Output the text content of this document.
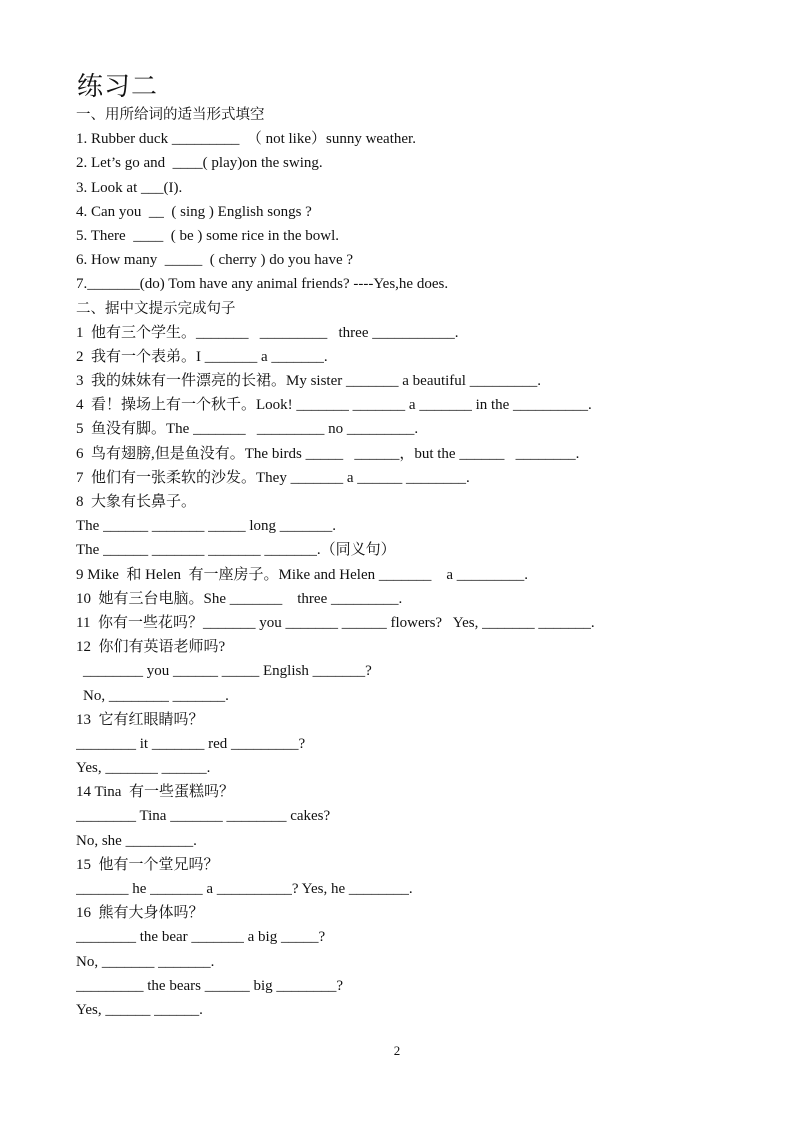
练习二
一、用所给词的适当形式填空
1. Rubber duck _________  （ not like）sunny weather.
2. Let’s go and  ____( play)on the swing.
3. Look at ___(I).
4. Can you  __  ( sing ) English songs ?
5. There  ____  ( be ) some rice in the bowl.
6. How many  _____  ( cherry ) do you have ?
7._______(do) Tom have any animal friends? ----Yes,he does.
二、据中文提示完成句子
1  他有三个学生。_______   _________   three ___________.
2  我有一个表弟。I _______ a _______.
3  我的妹妹有一件漂亮的长裙。My sister _______ a beautiful _________.
4  看！操场上有一个秋千。Look! _______ _______ a _______ in the __________.
5  鱼没有脚。The _______   _________ no _________.
6  鸟有翅膀,但是鱼没有。The birds _____   ______，but the ______   ________.
7  他们有一张柔软的沙发。They _______ a ______ ________.
8  大象有长鼻子。
The ______ _______ _____ long _______.
The ______ _______ _______ _______.（同义句）
9 Mike  和 Helen  有一座房子。Mike and Helen _______    a _________.
10  她有三台电脑。She _______    three _________.
11  你有一些花吗？_______ you _______ ______ flowers?   Yes, _______ _______.
12  你们有英语老师吗?
________ you ______ _____ English _______?
No, ________ _______.
13  它有红眼睛吗？
________ it _______ red _________?
Yes, _______ ______.
14 Tina  有一些蛋糕吗？
________ Tina _______ ________ cakes?
No, she _________.
15  他有一个堂兄吗？
_______ he _______ a __________? Yes, he ________.
16  熊有大身体吗？
________ the bear _______ a big _____?
No, _______ _______.
_________ the bears ______ big ________?
Yes, ______ ______.
2
